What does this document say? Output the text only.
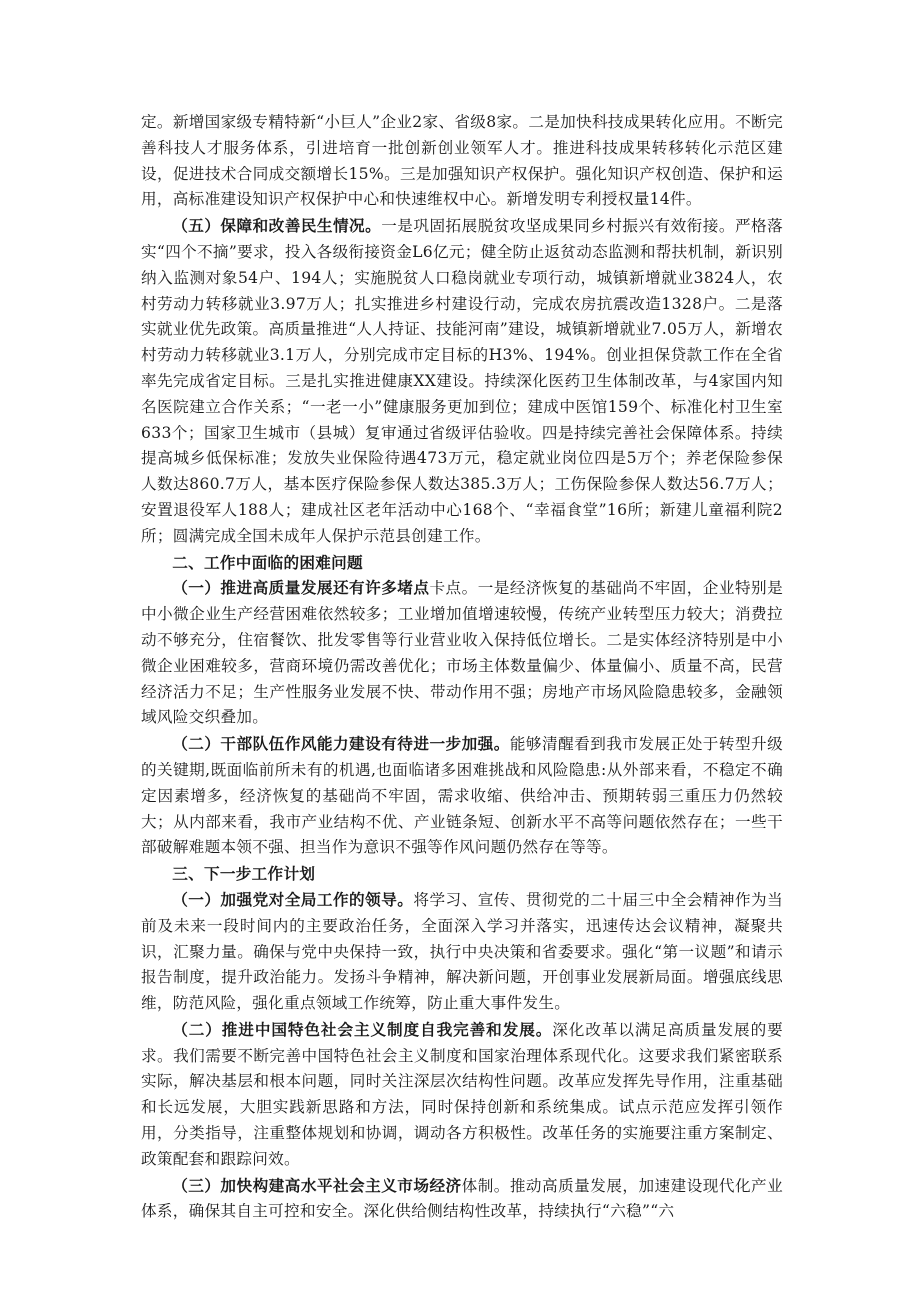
定。新增国家级专精特新“小巨人”企业2家、省级8家。二是加快科技成果转化应用。不断完善科技人才服务体系，引进培育一批创新创业领军人才。推进科技成果转移转化示范区建设，促进技术合同成交额增长15%。三是加强知识产权保护。强化知识产权创造、保护和运用，高标准建设知识产权保护中心和快速维权中心。新增发明专利授权量14件。

（五）保障和改善民生情况。一是巩固拓展脱贫攻坚成果同乡村振兴有效衔接。严格落实“四个不摘”要求，投入各级衔接资金L6亿元；健全防止返贫动态监测和帮扶机制，新识别纳入监测对象54户、194人；实施脱贫人口稳岗就业专项行动，城镇新增就业3824人，农村劳动力转移就业3.97万人；扎实推进乡村建设行动，完成农房抗震改造1328户。二是落实就业优先政策。高质量推进“人人持证、技能河南”建设，城镇新增就业7.05万人，新增农村劳动力转移就业3.1万人，分别完成市定目标的H3%、194%。创业担保贷款工作在全省率先完成省定目标。三是扎实推进健康XX建设。持续深化医药卫生体制改革，与4家国内知名医院建立合作关系；“一老一小”健康服务更加到位；建成中医馆159个、标准化村卫生室633个；国家卫生城市（县城）复审通过省级评估验收。四是持续完善社会保障体系。持续提高城乡低保标准；发放失业保险待遇473万元，稳定就业岗位四是5万个；养老保险参保人数达860.7万人，基本医疗保险参保人数达385.3万人；工伤保险参保人数达56.7万人；安置退役军人188人；建成社区老年活动中心168个、“幸福食堂”16所；新建儿童福利院2所；圆满完成全国未成年人保护示范县创建工作。

二、工作中面临的困难问题

（一）推进高质量发展还有许多堵点卡点。一是经济恢复的基础尚不牢固，企业特别是中小微企业生产经营困难依然较多；工业增加值增速较慢，传统产业转型压力较大；消费拉动不够充分，住宿餐饮、批发零售等行业营业收入保持低位增长。二是实体经济特别是中小微企业困难较多，营商环境仍需改善优化；市场主体数量偏少、体量偏小、质量不高，民营经济活力不足；生产性服务业发展不快、带动作用不强；房地产市场风险隐患较多，金融领域风险交织叠加。

（二）干部队伍作风能力建设有待进一步加强。能够清醒看到我市发展正处于转型升级的关键期,既面临前所未有的机遇,也面临诸多困难挑战和风险隐患:从外部来看，不稳定不确定因素增多，经济恢复的基础尚不牢固，需求收缩、供给冲击、预期转弱三重压力仍然较大；从内部来看，我市产业结构不优、产业链条短、创新水平不高等问题依然存在；一些干部破解难题本领不强、担当作为意识不强等作风问题仍然存在等等。

三、下一步工作计划

（一）加强党对全局工作的领导。将学习、宣传、贯彻党的二十届三中全会精神作为当前及未来一段时间内的主要政治任务，全面深入学习并落实，迅速传达会议精神，凝聚共识，汇聚力量。确保与党中央保持一致，执行中央决策和省委要求。强化“第一议题”和请示报告制度，提升政治能力。发扬斗争精神，解决新问题，开创事业发展新局面。增强底线思维，防范风险，强化重点领域工作统筹，防止重大事件发生。

（二）推进中国特色社会主义制度自我完善和发展。深化改革以满足高质量发展的要求。我们需要不断完善中国特色社会主义制度和国家治理体系现代化。这要求我们紧密联系实际，解决基层和根本问题，同时关注深层次结构性问题。改革应发挥先导作用，注重基础和长远发展，大胆实践新思路和方法，同时保持创新和系统集成。试点示范应发挥引领作用，分类指导，注重整体规划和协调，调动各方积极性。改革任务的实施要注重方案制定、政策配套和跟踪问效。

（三）加快构建高水平社会主义市场经济体制。推动高质量发展，加速建设现代化产业体系，确保其自主可控和安全。深化供给侧结构性改革，持续执行“六稳”“六
